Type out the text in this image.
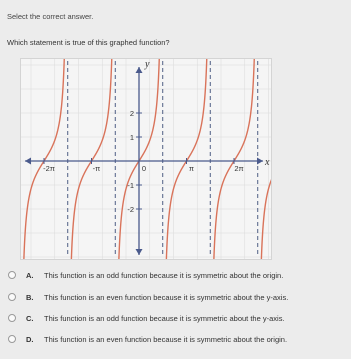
Select the correct answer.
Which statement is true of this graphed function?
-2π	-π	0	π	2π
2
1
-1
-2
x
y
A.	This function is an odd function because it is symmetric about the origin.
B.	This function is an even function because it is symmetric about the y-axis.
C.	This function is an odd function because it is symmetric about the y-axis.
D.	This function is an even function because it is symmetric about the origin.
